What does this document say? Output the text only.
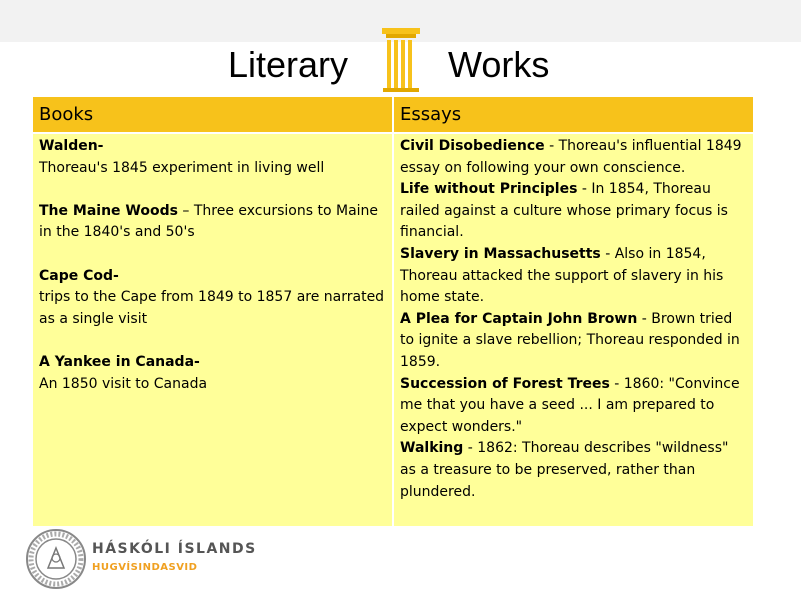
Literary	Works
Books	Essays
Walden-
Thoreau's 1845 experiment in living well
The Maine Woods – Three excursions to Maine in the 1840's and 50's
Cape Cod-
trips to the Cape from 1849 to 1857 are narrated as a single visit
A Yankee in Canada-
An 1850 visit to Canada
Civil Disobedience - Thoreau's influential 1849 essay on following your own conscience.
Life without Principles - In 1854, Thoreau railed against a culture whose primary focus is financial.
Slavery in Massachusetts - Also in 1854, Thoreau attacked the support of slavery in his home state.
A Plea for Captain John Brown - Brown tried to ignite a slave rebellion; Thoreau responded in 1859.
Succession of Forest Trees - 1860: "Convince me that you have a seed ... I am prepared to expect wonders."
Walking - 1862: Thoreau describes "wildness" as a treasure to be preserved, rather than plundered.
HÁSKÓLI ÍSLANDS
HUGVÍSINDASVID
